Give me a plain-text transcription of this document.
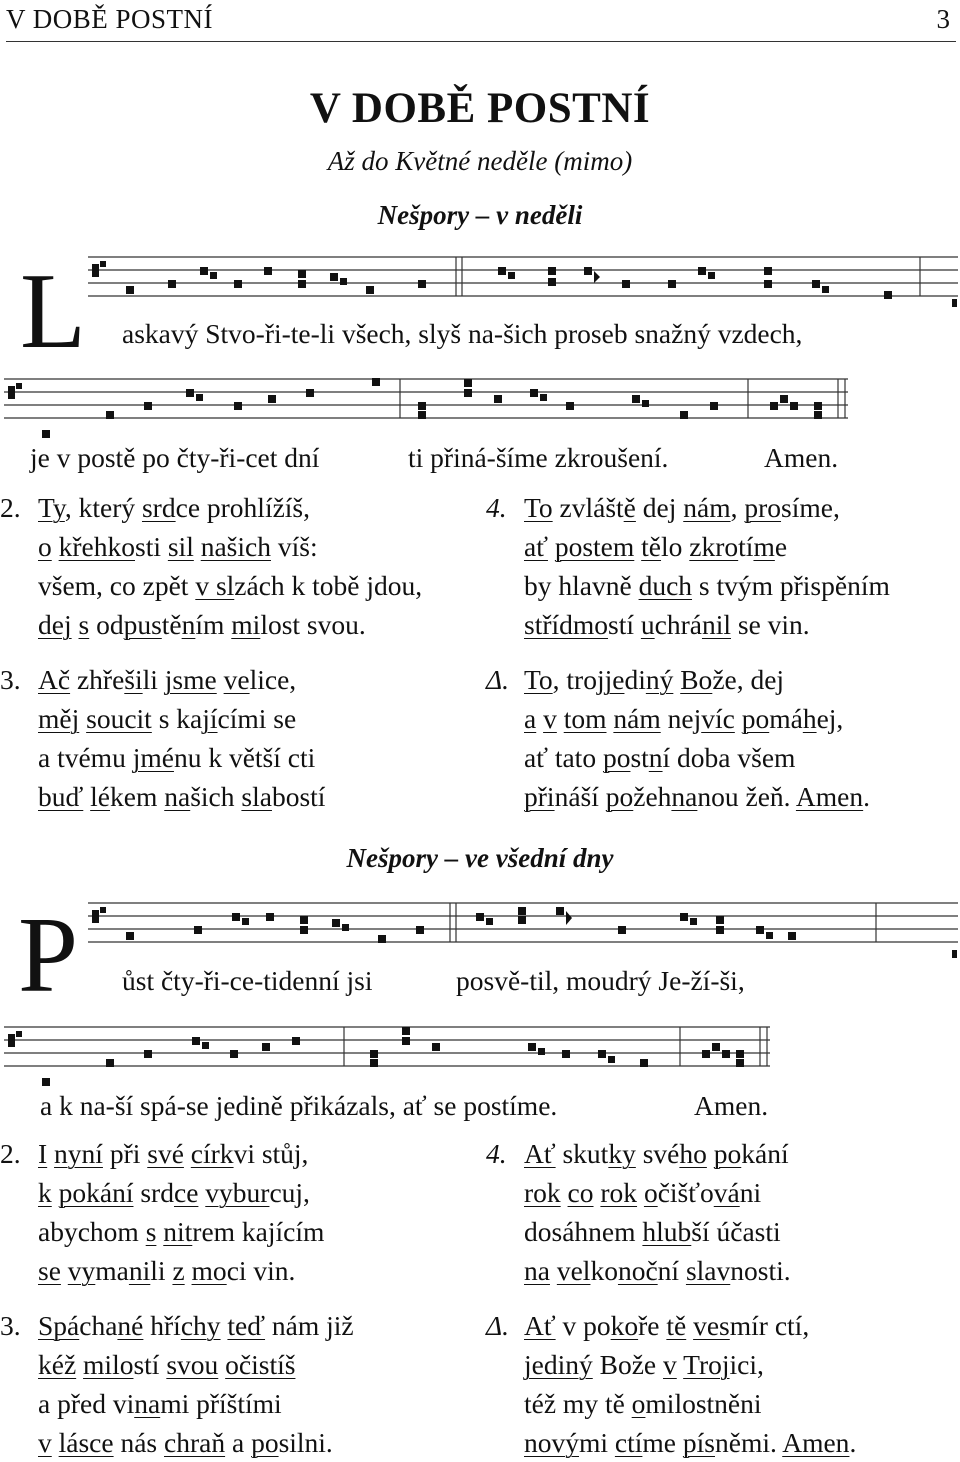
V DOBĚ POSTNÍ	3
V DOBĚ POSTNÍ
Až do Květné neděle (mimo)
Nešpory – v neděli
L askavý Stvo-ři-te-li všech, slyš na-šich proseb snažný vzdech,
je v postě po čty-ři-cet dní	ti přiná-šíme zkroušení.	Amen.
2. Ty, který srdce prohlížíš,
o křehkosti sil našich víš:
všem, co zpět v slzách k tobě jdou,
dej s odpustěním milost svou.
3. Ač zhřešili jsme velice,
měj soucit s kajícími se
a tvému jménu k větší cti
buď lékem našich slabostí
4. To zvláště dej nám, prosíme,
ať postem tělo zkrotíme
by hlavně duch s tvým přispěním
střídmostí uchránil se vin.
Δ. To, trojjediný Bože, dej
a v tom nám nejvíc pomáhej,
ať tato postní doba všem
přináší požehnanou žeň. Amen.
Nešpory – ve všední dny
P ůst čty-ři-ce-tidenní jsi	posvě-til, moudrý Je-ží-ši,
a k na-ší spá-se jedině přikázals, ať se postíme.	Amen.
2. I nyní při své církvi stůj,
k pokání srdce vyburcuj,
abychom s nitrem kajícím
se vymanili z moci vin.
3. Spáchané hříchy teď nám již
kéž milostí svou očistíš
a před vinami příštími
v lásce nás chraň a posilni.
4. Ať skutky svého pokání
rok co rok očišťováni
dosáhnem hlubší účasti
na velkonoční slavnosti.
Δ. Ať v pokoře tě vesmír ctí,
jediný Bože v Trojici,
též my tě omilostněni
novými ctíme písněmi. Amen.
